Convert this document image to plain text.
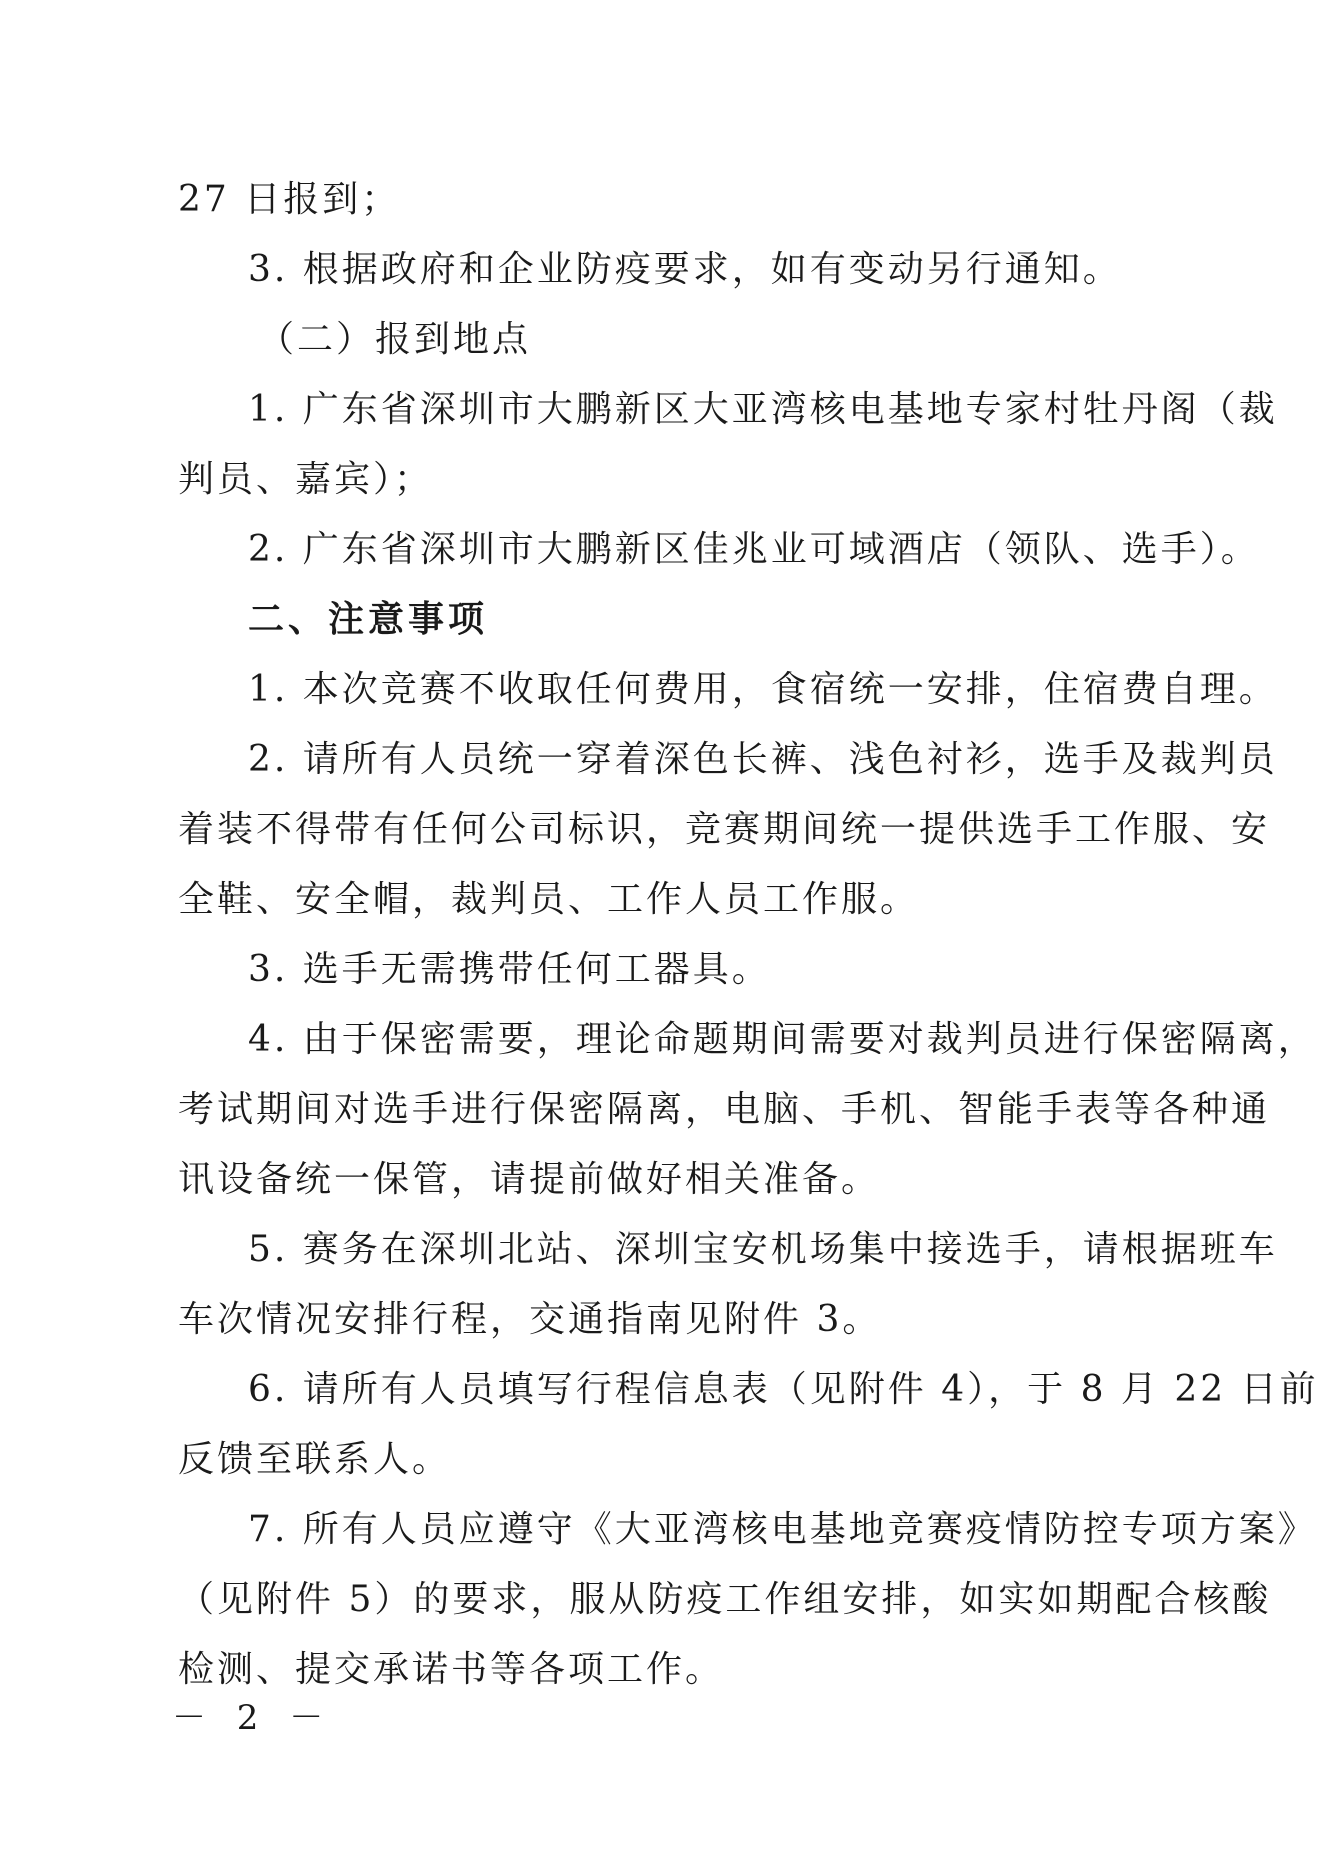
27 日报到；
3. 根据政府和企业防疫要求，如有变动另行通知。
（二）报到地点
1. 广东省深圳市大鹏新区大亚湾核电基地专家村牡丹阁（裁
判员、嘉宾）；
2. 广东省深圳市大鹏新区佳兆业可域酒店（领队、选手）。
二、注意事项
1. 本次竞赛不收取任何费用，食宿统一安排，住宿费自理。
2. 请所有人员统一穿着深色长裤、浅色衬衫，选手及裁判员
着装不得带有任何公司标识，竞赛期间统一提供选手工作服、安
全鞋、安全帽，裁判员、工作人员工作服。
3. 选手无需携带任何工器具。
4. 由于保密需要，理论命题期间需要对裁判员进行保密隔离，
考试期间对选手进行保密隔离，电脑、手机、智能手表等各种通
讯设备统一保管，请提前做好相关准备。
5. 赛务在深圳北站、深圳宝安机场集中接选手，请根据班车
车次情况安排行程，交通指南见附件 3。
6. 请所有人员填写行程信息表（见附件 4），于 8 月 22 日前
反馈至联系人。
7. 所有人员应遵守《大亚湾核电基地竞赛疫情防控专项方案》
（见附件 5）的要求，服从防疫工作组安排，如实如期配合核酸
检测、提交承诺书等各项工作。
－ 2 －
